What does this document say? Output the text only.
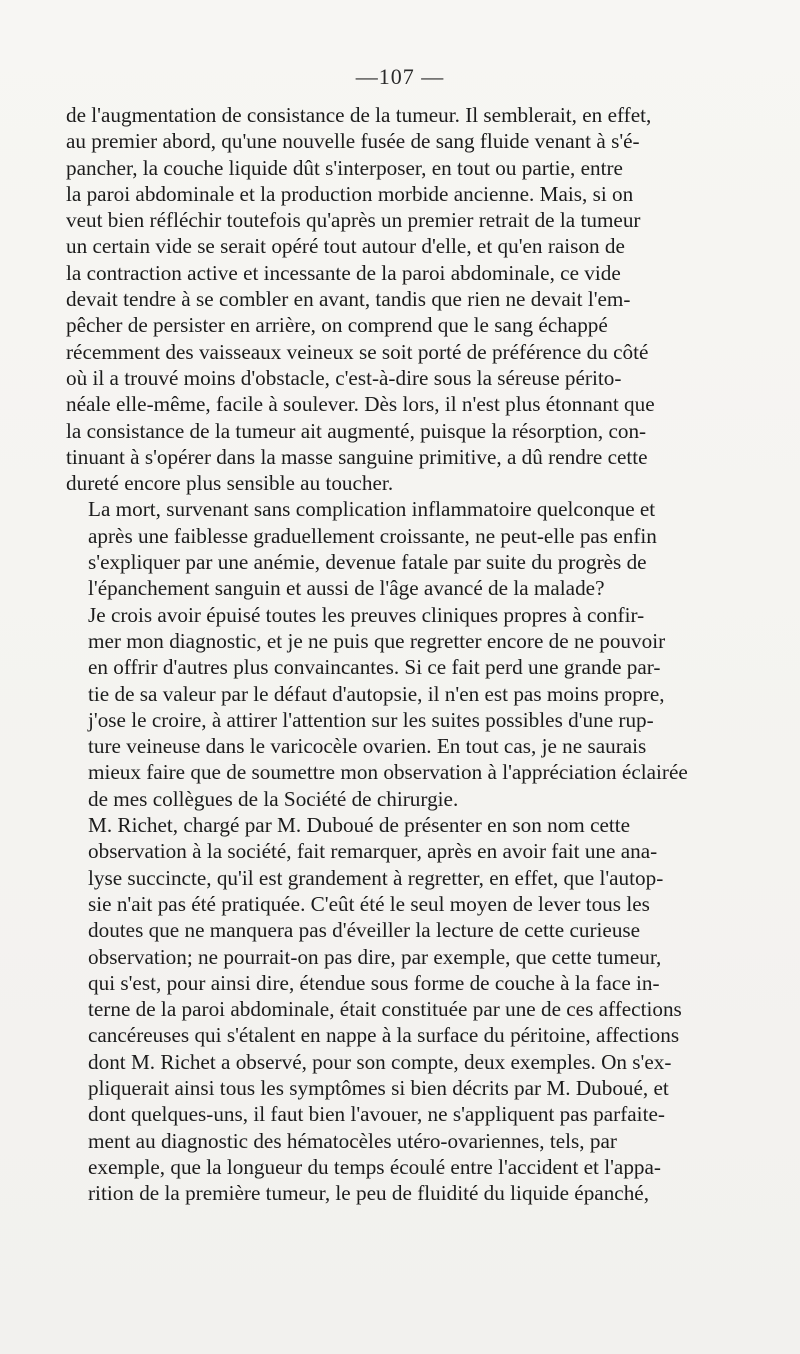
—107 —
de l'augmentation de consistance de la tumeur. Il semblerait, en effet,
au premier abord, qu'une nouvelle fusée de sang fluide venant à s'é-
pancher, la couche liquide dût s'interposer, en tout ou partie, entre
la paroi abdominale et la production morbide ancienne. Mais, si on
veut bien réfléchir toutefois qu'après un premier retrait de la tumeur
un certain vide se serait opéré tout autour d'elle, et qu'en raison de
la contraction active et incessante de la paroi abdominale, ce vide
devait tendre à se combler en avant, tandis que rien ne devait l'em-
pêcher de persister en arrière, on comprend que le sang échappé
récemment des vaisseaux veineux se soit porté de préférence du côté
où il a trouvé moins d'obstacle, c'est-à-dire sous la séreuse périto-
néale elle-même, facile à soulever. Dès lors, il n'est plus étonnant que
la consistance de la tumeur ait augmenté, puisque la résorption, con-
tinuant à s'opérer dans la masse sanguine primitive, a dû rendre cette
dureté encore plus sensible au toucher.
La mort, survenant sans complication inflammatoire quelconque et
après une faiblesse graduellement croissante, ne peut-elle pas enfin
s'expliquer par une anémie, devenue fatale par suite du progrès de
l'épanchement sanguin et aussi de l'âge avancé de la malade?
Je crois avoir épuisé toutes les preuves cliniques propres à confir-
mer mon diagnostic, et je ne puis que regretter encore de ne pouvoir
en offrir d'autres plus convaincantes. Si ce fait perd une grande par-
tie de sa valeur par le défaut d'autopsie, il n'en est pas moins propre,
j'ose le croire, à attirer l'attention sur les suites possibles d'une rup-
ture veineuse dans le varicocèle ovarien. En tout cas, je ne saurais
mieux faire que de soumettre mon observation à l'appréciation éclairée
de mes collègues de la Société de chirurgie.
M. Richet, chargé par M. Duboué de présenter en son nom cette
observation à la société, fait remarquer, après en avoir fait une ana-
lyse succincte, qu'il est grandement à regretter, en effet, que l'autop-
sie n'ait pas été pratiquée. C'eût été le seul moyen de lever tous les
doutes que ne manquera pas d'éveiller la lecture de cette curieuse
observation; ne pourrait-on pas dire, par exemple, que cette tumeur,
qui s'est, pour ainsi dire, étendue sous forme de couche à la face in-
terne de la paroi abdominale, était constituée par une de ces affections
cancéreuses qui s'étalent en nappe à la surface du péritoine, affections
dont M. Richet a observé, pour son compte, deux exemples. On s'ex-
pliquerait ainsi tous les symptômes si bien décrits par M. Duboué, et
dont quelques-uns, il faut bien l'avouer, ne s'appliquent pas parfaite-
ment au diagnostic des hématocèles utéro-ovariennes, tels, par
exemple, que la longueur du temps écoulé entre l'accident et l'appa-
rition de la première tumeur, le peu de fluidité du liquide épanché,
